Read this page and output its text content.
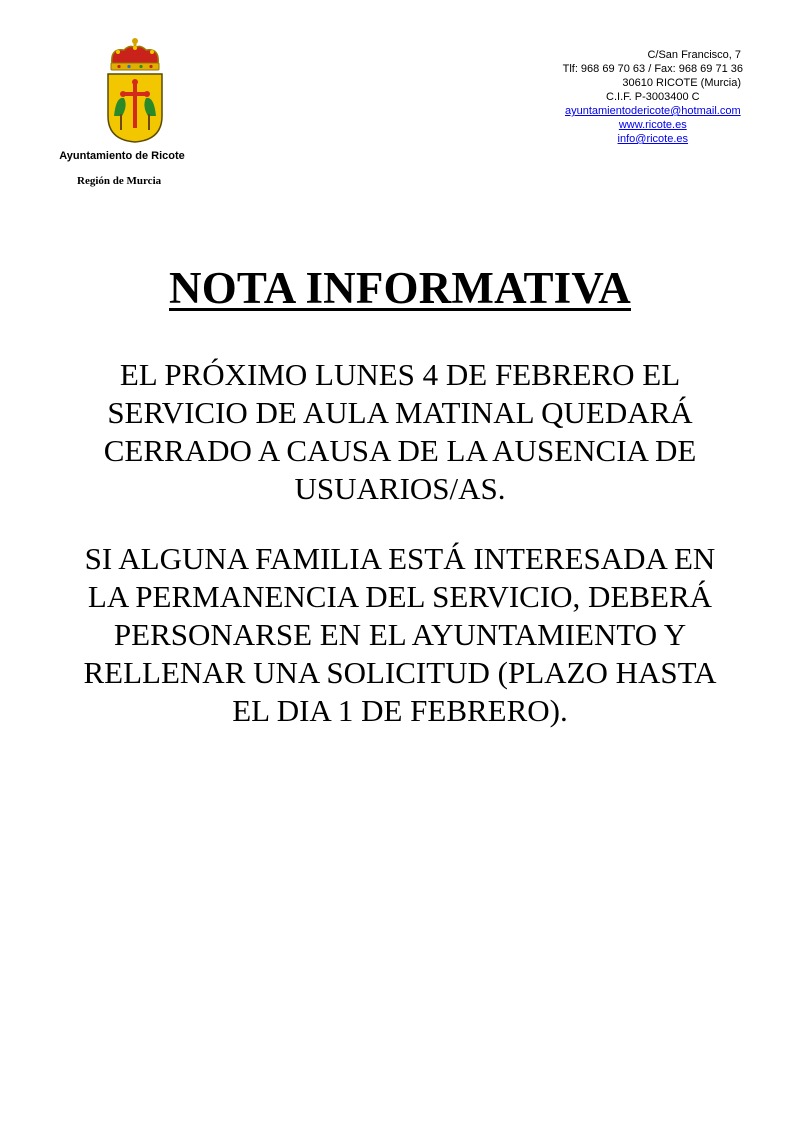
Ayuntamiento de Ricote
Región de Murcia
C/San Francisco, 7
Tlf: 968 69 70 63 / Fax: 968 69 71 36
30610 RICOTE (Murcia)
C.I.F. P-3003400 C
ayuntamientodericote@hotmail.com
www.ricote.es
info@ricote.es
NOTA INFORMATIVA
EL PRÓXIMO LUNES 4 DE FEBRERO EL SERVICIO DE AULA MATINAL QUEDARÁ CERRADO A CAUSA DE LA AUSENCIA DE USUARIOS/AS.
SI ALGUNA FAMILIA ESTÁ INTERESADA EN LA PERMANENCIA DEL SERVICIO, DEBERÁ PERSONARSE EN EL AYUNTAMIENTO Y RELLENAR UNA SOLICITUD (PLAZO HASTA EL DIA 1 DE FEBRERO).
